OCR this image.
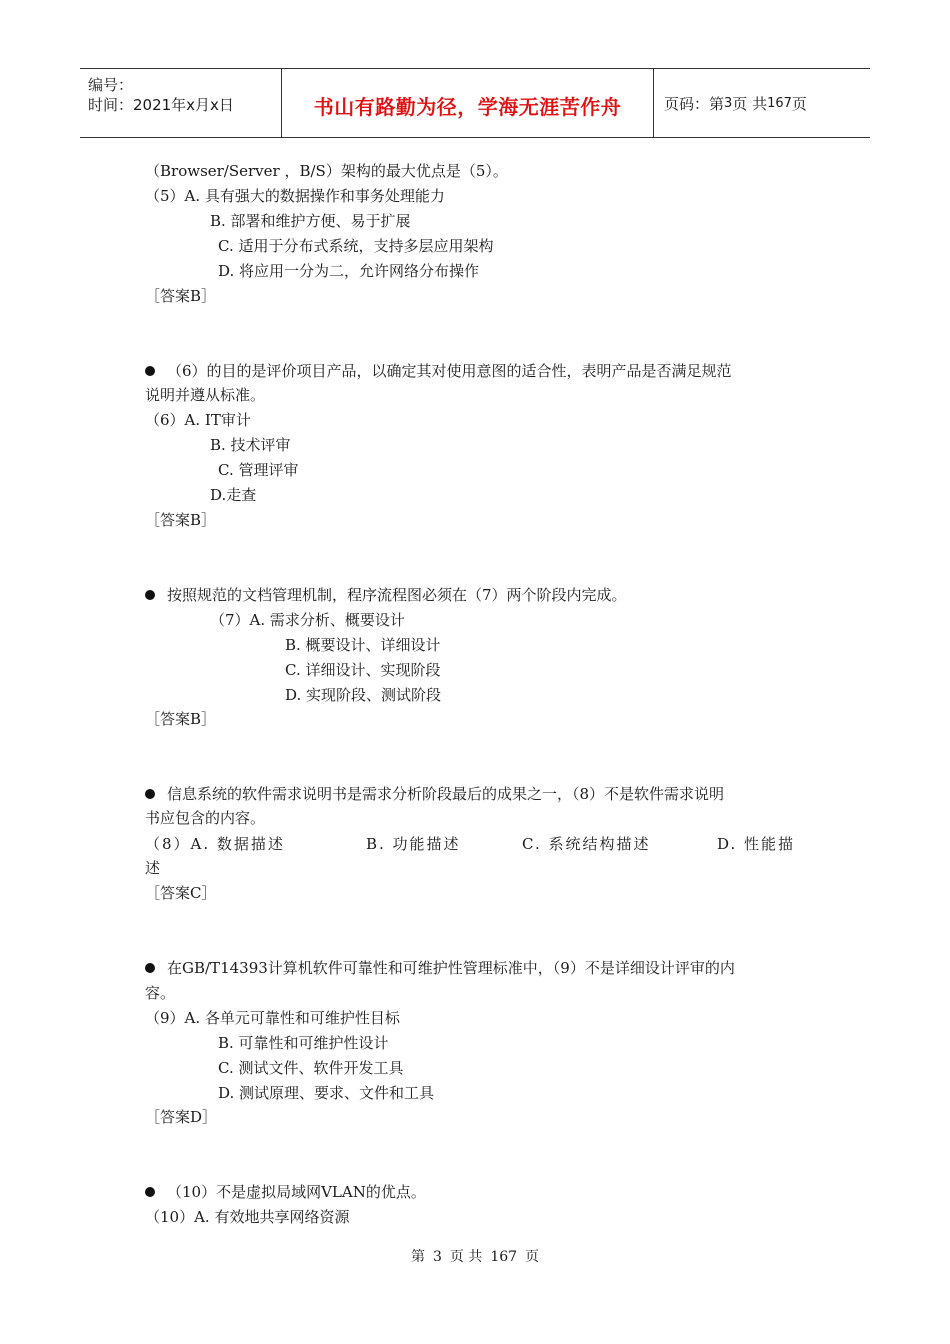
编号：
时间：2021年x月x日	书山有路勤为径，学海无涯苦作舟	页码：第 3 页 共 167 页
（Browser/Server ，B/S）架构的最大优点是（5）。
（5）A. 具有强大的数据操作和事务处理能力
B. 部署和维护方便、易于扩展
C. 适用于分布式系统，支持多层应用架构
D. 将应用一分为二，允许网络分布操作
［答案B］
（6）的目的是评价项目产品，以确定其对使用意图的适合性，表明产品是否满足规范
说明并遵从标准。
（6）A. IT审计
B. 技术评审
C. 管理评审
D.走查
［答案B］
按照规范的文档管理机制，程序流程图必须在（7）两个阶段内完成。
（7）A. 需求分析、概要设计
B. 概要设计、详细设计
C. 详细设计、实现阶段
D. 实现阶段、测试阶段
［答案B］
信息系统的软件需求说明书是需求分析阶段最后的成果之一，（8）不是软件需求说明
书应包含的内容。
（8）A. 数据描述	B. 功能描述	C. 系统结构描述	D. 性能描
述
［答案C］
在GB/T14393计算机软件可靠性和可维护性管理标准中，（9）不是详细设计评审的内
容。
（9）A. 各单元可靠性和可维护性目标
B. 可靠性和可维护性设计
C. 测试文件、软件开发工具
D. 测试原理、要求、文件和工具
［答案D］
（10）不是虚拟局域网VLAN的优点。
（10）A. 有效地共享网络资源
第 3 页 共 167 页
